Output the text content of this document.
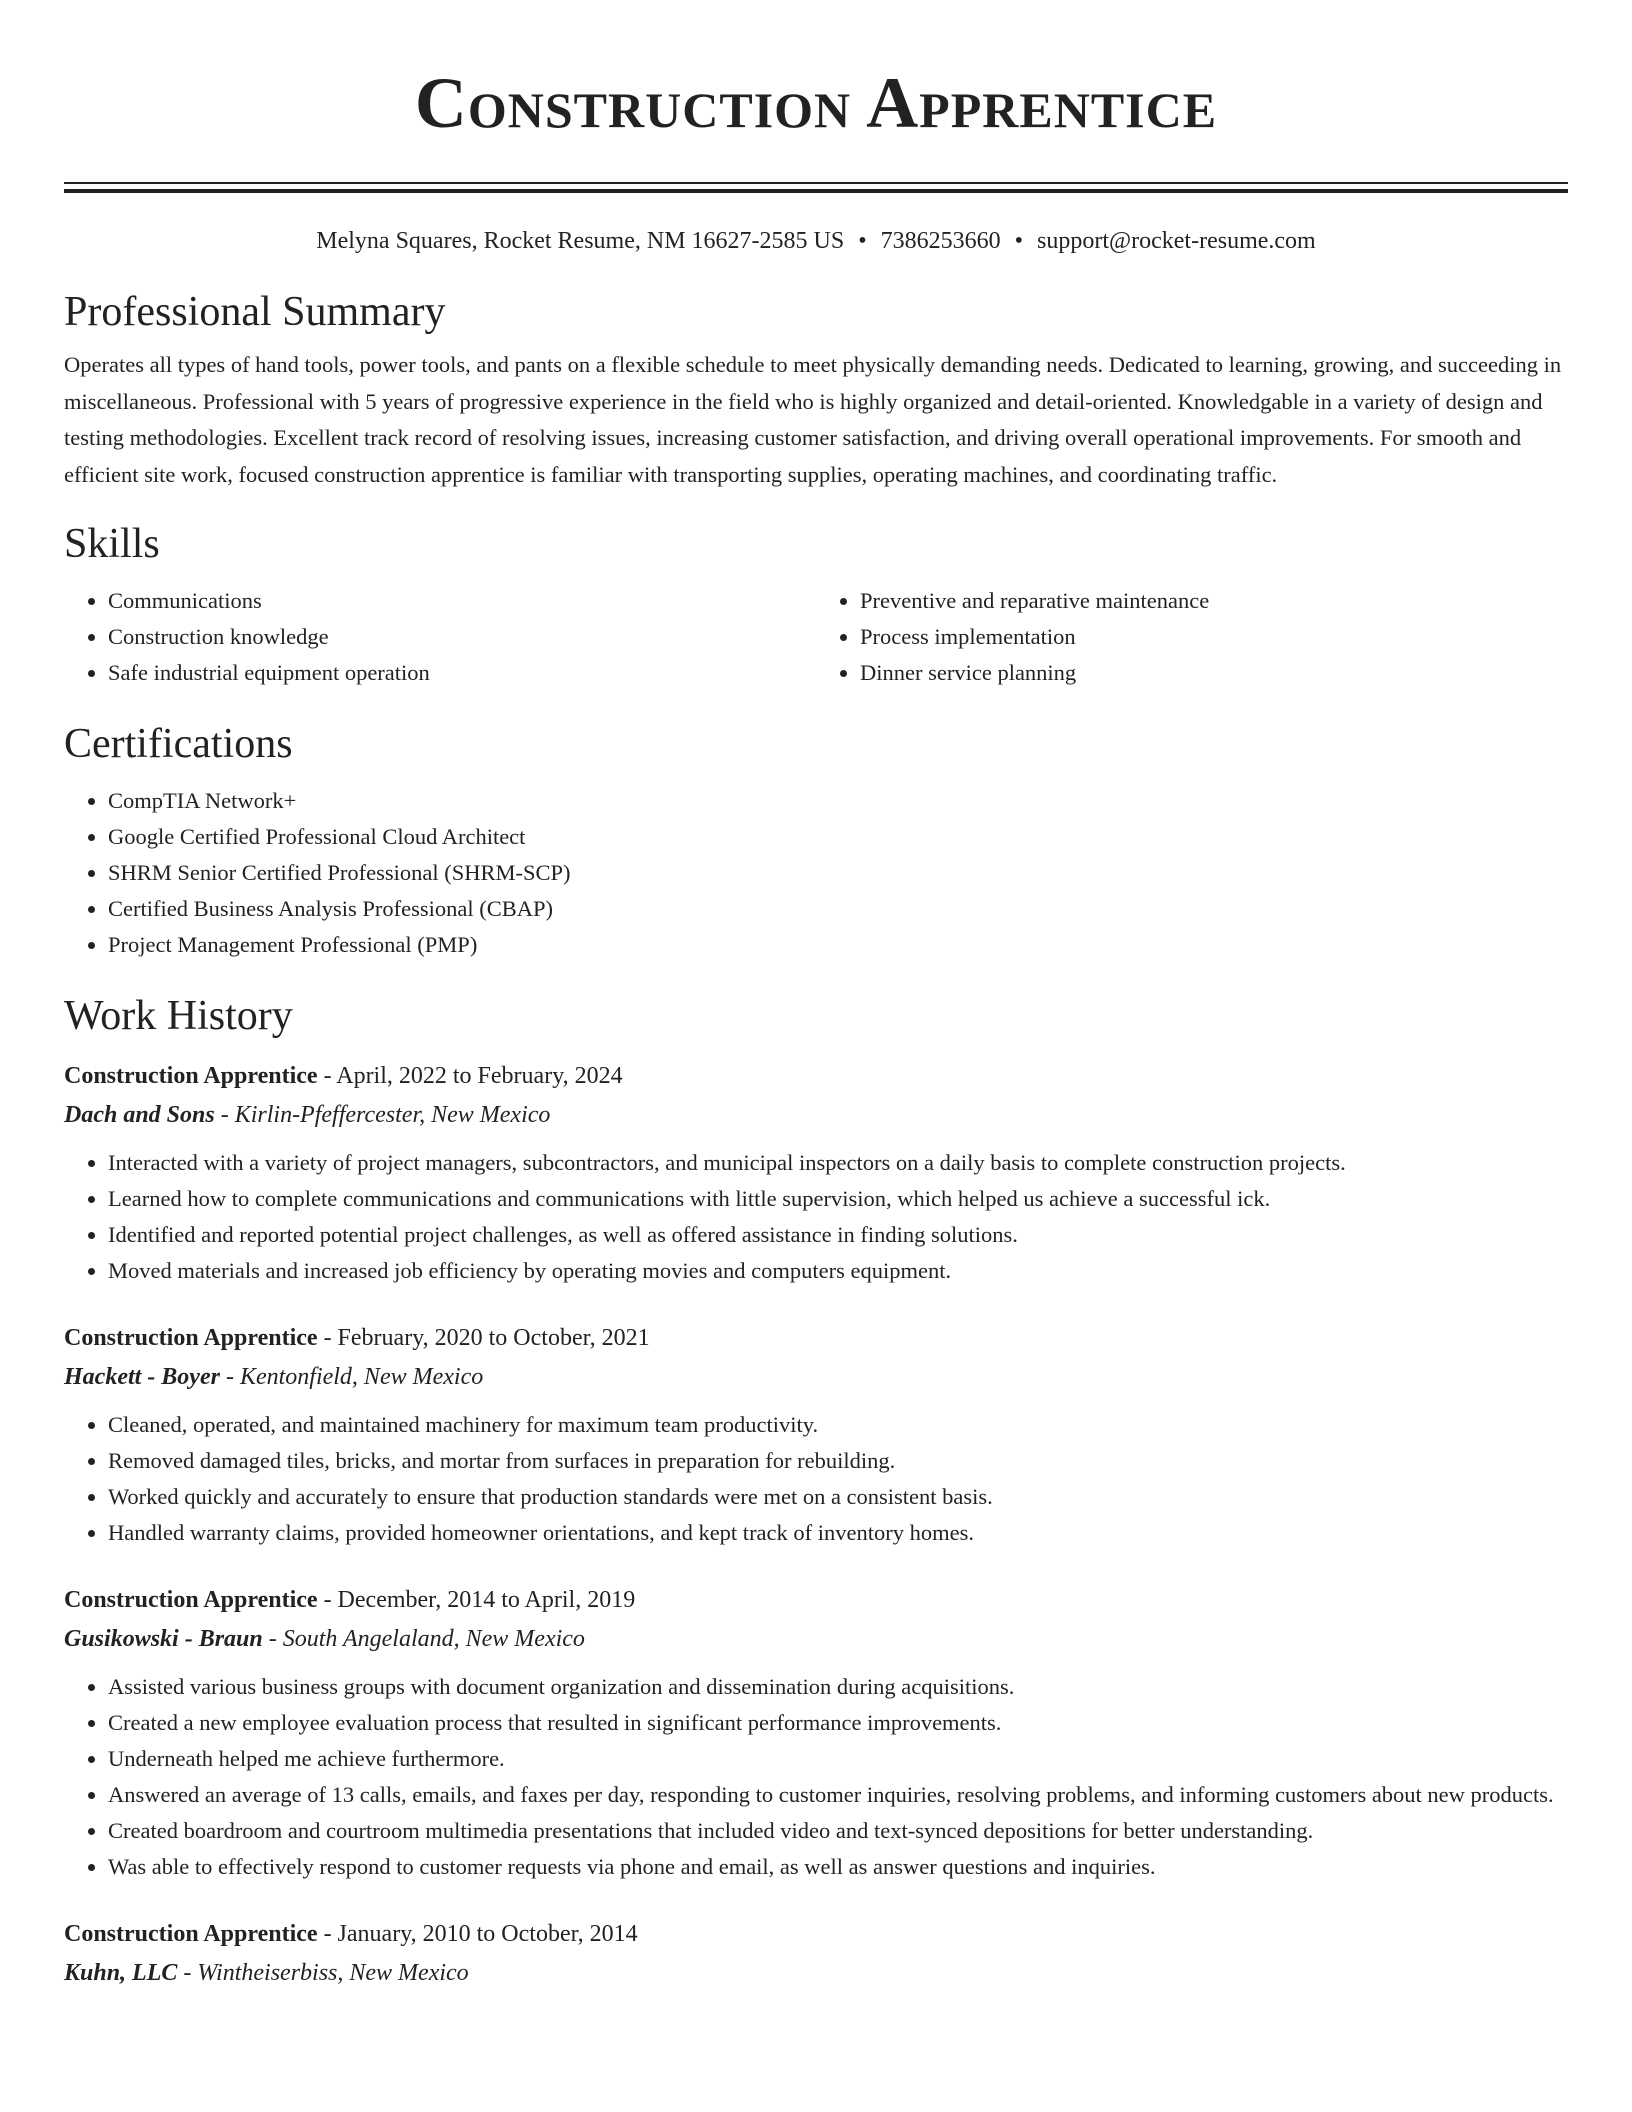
Construction Apprentice
Melyna Squares, Rocket Resume, NM 16627-2585 US • 7386253660 • support@rocket-resume.com
Professional Summary

Operates all types of hand tools, power tools, and pants on a flexible schedule to meet physically demanding needs. Dedicated to learning, growing, and succeeding in miscellaneous. Professional with 5 years of progressive experience in the field who is highly organized and detail-oriented. Knowledgable in a variety of design and testing methodologies. Excellent track record of resolving issues, increasing customer satisfaction, and driving overall operational improvements. For smooth and efficient site work, focused construction apprentice is familiar with transporting supplies, operating machines, and coordinating traffic.

Skills
• Communications
• Construction knowledge
• Safe industrial equipment operation
• Preventive and reparative maintenance
• Process implementation
• Dinner service planning
Certifications
• CompTIA Network+
• Google Certified Professional Cloud Architect
• SHRM Senior Certified Professional (SHRM-SCP)
• Certified Business Analysis Professional (CBAP)
• Project Management Professional (PMP)
Work History
Construction Apprentice - April, 2022 to February, 2024
Dach and Sons - Kirlin-Pfeffercester, New Mexico
• Interacted with a variety of project managers, subcontractors, and municipal inspectors on a daily basis to complete construction projects.
• Learned how to complete communications and communications with little supervision, which helped us achieve a successful ick.
• Identified and reported potential project challenges, as well as offered assistance in finding solutions.
• Moved materials and increased job efficiency by operating movies and computers equipment.
Construction Apprentice - February, 2020 to October, 2021
Hackett - Boyer - Kentonfield, New Mexico
• Cleaned, operated, and maintained machinery for maximum team productivity.
• Removed damaged tiles, bricks, and mortar from surfaces in preparation for rebuilding.
• Worked quickly and accurately to ensure that production standards were met on a consistent basis.
• Handled warranty claims, provided homeowner orientations, and kept track of inventory homes.
Construction Apprentice - December, 2014 to April, 2019
Gusikowski - Braun - South Angelaland, New Mexico
• Assisted various business groups with document organization and dissemination during acquisitions.
• Created a new employee evaluation process that resulted in significant performance improvements.
• Underneath helped me achieve furthermore.
• Answered an average of 13 calls, emails, and faxes per day, responding to customer inquiries, resolving problems, and informing customers about new products.
• Created boardroom and courtroom multimedia presentations that included video and text-synced depositions for better understanding.
• Was able to effectively respond to customer requests via phone and email, as well as answer questions and inquiries.
Construction Apprentice - January, 2010 to October, 2014
Kuhn, LLC - Wintheiserbiss, New Mexico
